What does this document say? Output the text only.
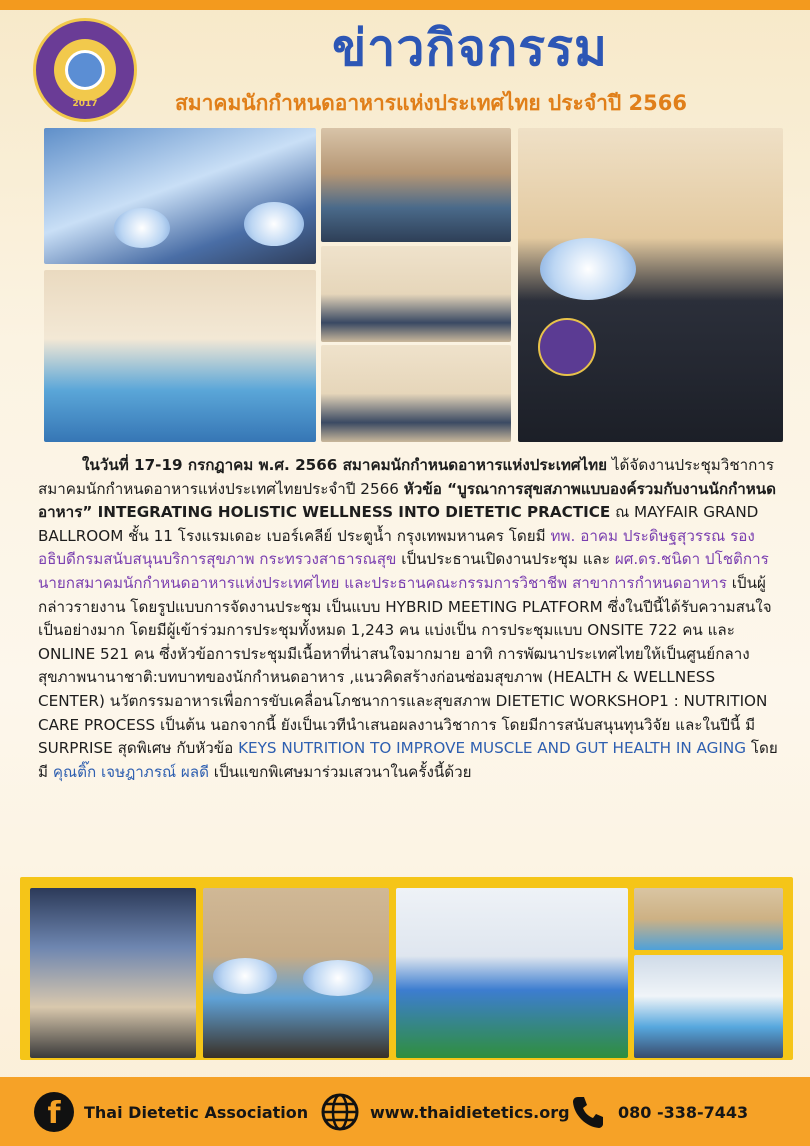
2017
ข่าวกิจกรรม
สมาคมนักกำหนดอาหารแห่งประเทศไทย ประจำปี 2566

ในวันที่ 17-19 กรกฎาคม พ.ศ. 2566 สมาคมนักกำหนดอาหารแห่งประเทศไทย ได้จัดงานประชุมวิชาการสมาคมนักกำหนดอาหารแห่งประเทศไทยประจำปี 2566 หัวข้อ “บูรณาการสุขสภาพแบบองค์รวมกับงานนักกำหนดอาหาร” INTEGRATING HOLISTIC WELLNESS INTO DIETETIC PRACTICE ณ MAYFAIR GRAND BALLROOM ชั้น 11 โรงแรมเดอะ เบอร์เคลีย์ ประตูน้ำ กรุงเทพมหานคร โดยมี ทพ. อาคม ประดิษฐสุวรรณ รองอธิบดีกรมสนับสนุนบริการสุขภาพ กระทรวงสาธารณสุข เป็นประธานเปิดงานประชุม และ ผศ.ดร.ชนิดา ปโชติการ นายกสมาคมนักกำหนดอาหารแห่งประเทศไทย และประธานคณะกรรมการวิชาชีพ สาขาการกำหนดอาหาร เป็นผู้กล่าวรายงาน โดยรูปแบบการจัดงานประชุม เป็นแบบ HYBRID MEETING PLATFORM ซึ่งในปีนี้ได้รับความสนใจเป็นอย่างมาก โดยมีผู้เข้าร่วมการประชุมทั้งหมด 1,243 คน แบ่งเป็น การประชุมแบบ ONSITE 722 คน และ ONLINE 521 คน ซึ่งหัวข้อการประชุมมีเนื้อหาที่น่าสนใจมากมาย อาทิ การพัฒนาประเทศไทยให้เป็นศูนย์กลางสุขภาพนานาชาติ:บทบาทของนักกำหนดอาหาร ,แนวคิดสร้างก่อนซ่อมสุขภาพ (HEALTH & WELLNESS CENTER) นวัตกรรมอาหารเพื่อการขับเคลื่อนโภชนาการและสุขสภาพ DIETETIC WORKSHOP1 : NUTRITION CARE PROCESS เป็นต้น นอกจากนี้ ยังเป็นเวทีนำเสนอผลงานวิชาการ โดยมีการสนับสนุนทุนวิจัย และในปีนี้ มี SURPRISE สุดพิเศษ กับหัวข้อ KEYS NUTRITION TO IMPROVE MUSCLE AND GUT HEALTH IN AGING โดยมี คุณติ๊ก เจษฎาภรณ์ ผลดี เป็นแขกพิเศษมาร่วมเสวนาในครั้งนี้ด้วย

f	Thai Dietetic Association	www.thaidietetics.org	080 -338-7443
